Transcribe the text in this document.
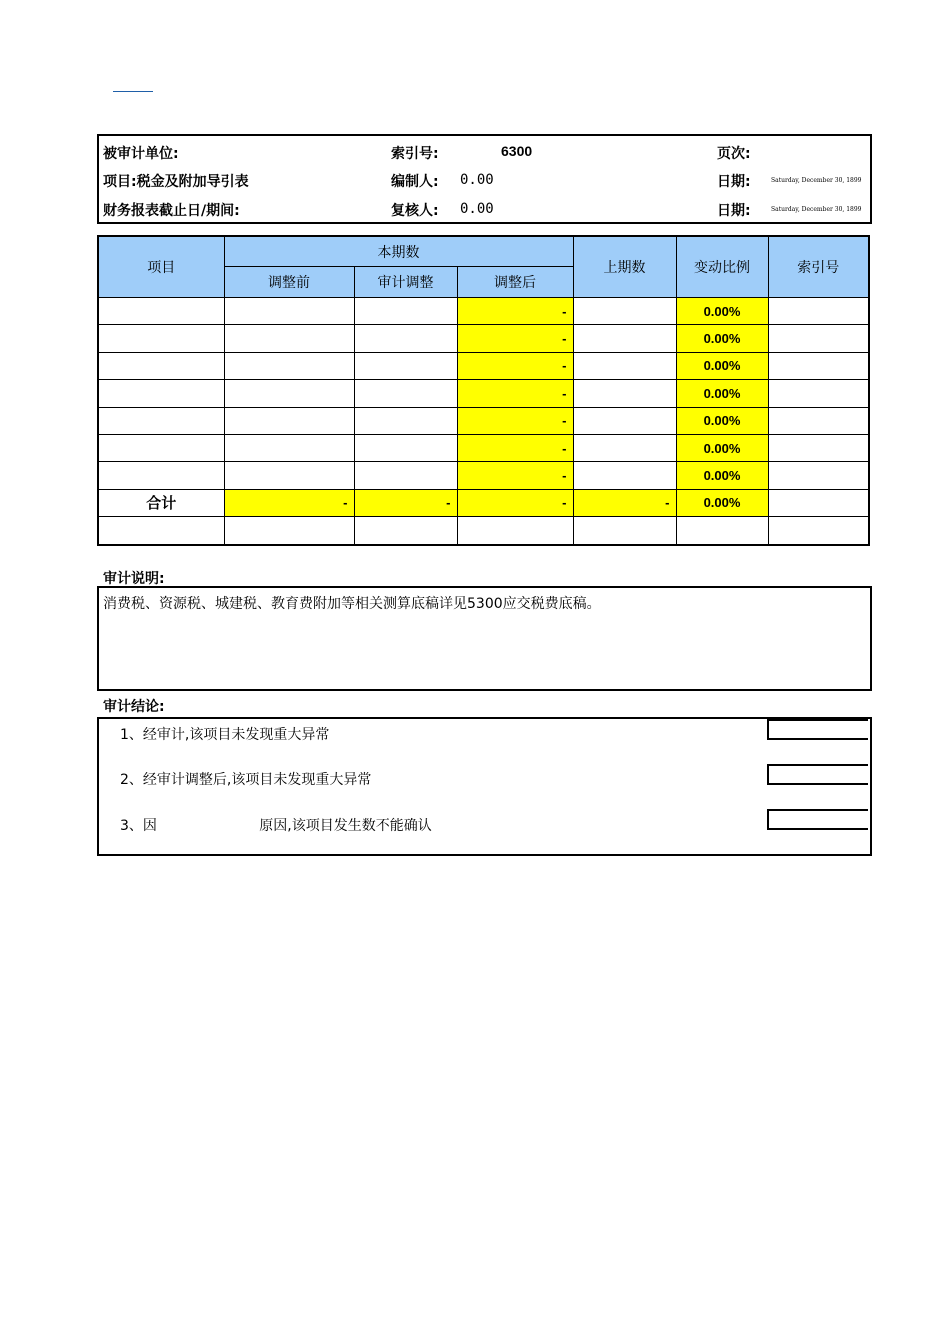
被审计单位:	索引号:	6300	页次:
项目:税金及附加导引表	编制人: 0.00	日期:	Saturday, December 30, 1899
财务报表截止日/期间:	复核人: 0.00	日期:	Saturday, December 30, 1899
项目	本期数			上期数	变动比例	索引号
	调整前	审计调整	调整后			
			-		0.00%	
			-		0.00%	
			-		0.00%	
			-		0.00%	
			-		0.00%	
			-		0.00%	
			-		0.00%	
合计	-	-	-	-	0.00%	

审计说明:
消费税、资源税、城建税、教育费附加等相关测算底稿详见5300应交税费底稿。
审计结论:
1、经审计,该项目未发现重大异常
2、经审计调整后,该项目未发现重大异常
3、因                       原因,该项目发生数不能确认
